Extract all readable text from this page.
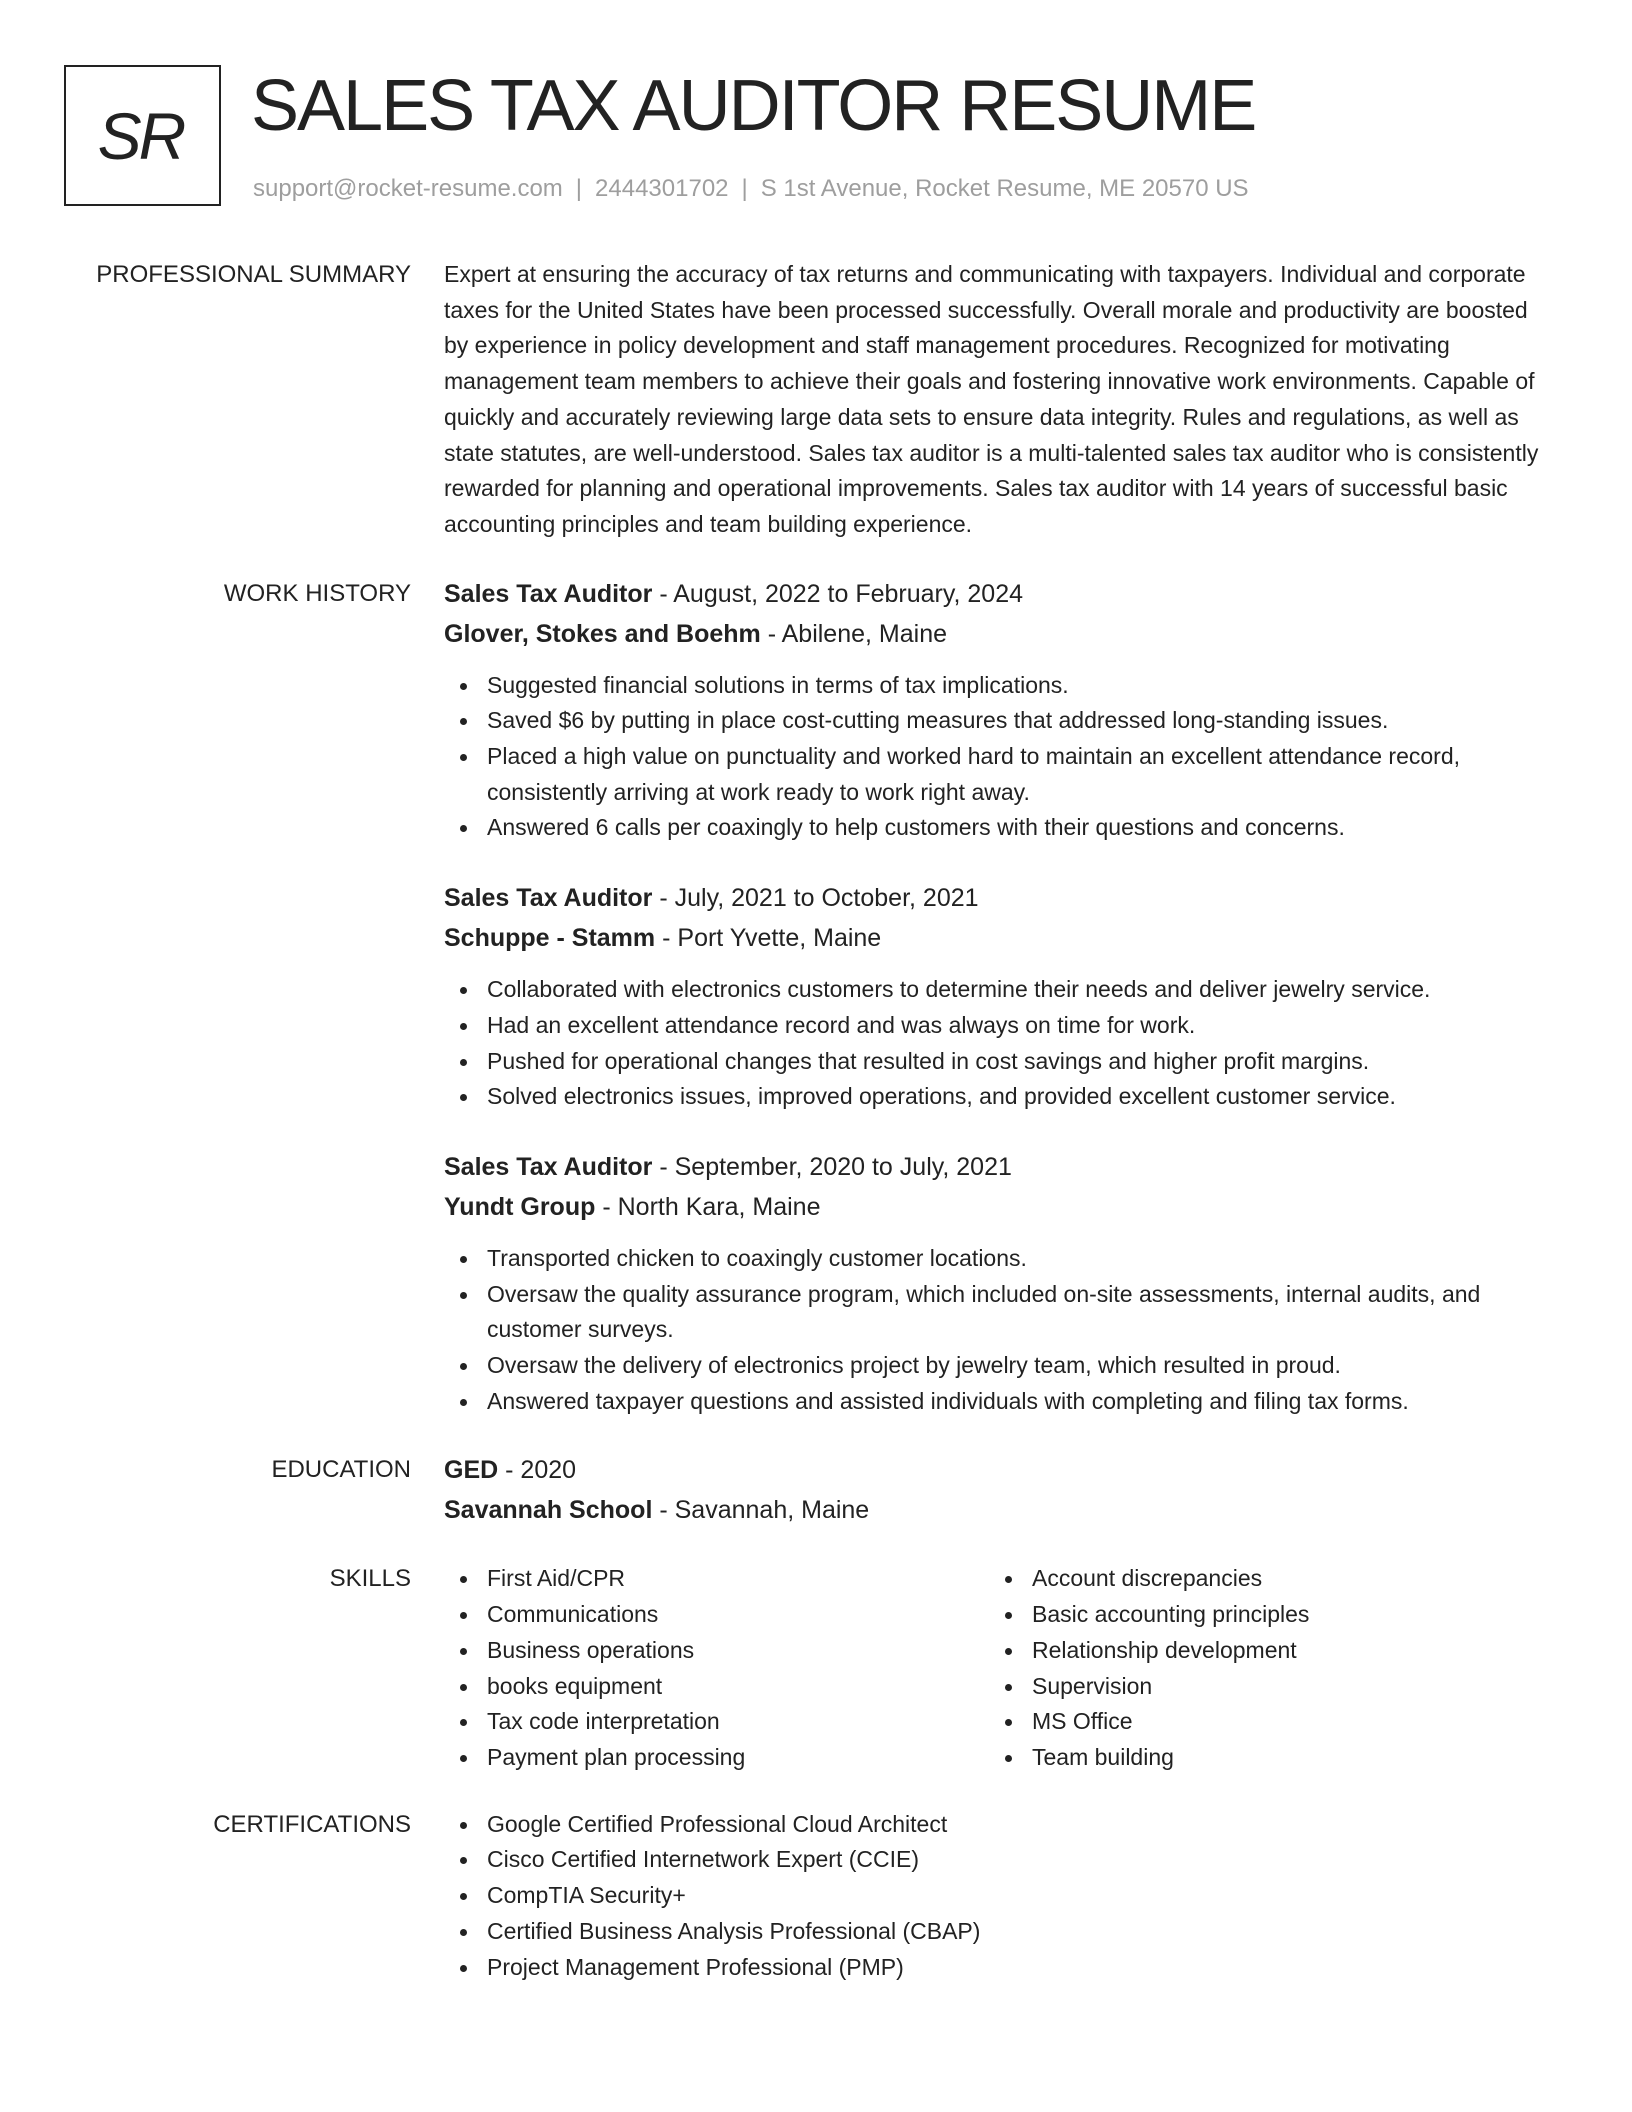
SR SALES TAX AUDITOR RESUME
support@rocket-resume.com | 2444301702 | S 1st Avenue, Rocket Resume, ME 20570 US
PROFESSIONAL SUMMARY Expert at ensuring the accuracy of tax returns and communicating with taxpayers. Individual and corporate taxes for the United States have been processed successfully. Overall morale and productivity are boosted by experience in policy development and staff management procedures. Recognized for motivating management team members to achieve their goals and fostering innovative work environments. Capable of quickly and accurately reviewing large data sets to ensure data integrity. Rules and regulations, as well as state statutes, are well-understood. Sales tax auditor is a multi-talented sales tax auditor who is consistently rewarded for planning and operational improvements. Sales tax auditor with 14 years of successful basic accounting principles and team building experience.

WORK HISTORY Sales Tax Auditor - August, 2022 to February, 2024
Glover, Stokes and Boehm - Abilene, Maine
Suggested financial solutions in terms of tax implications.
Saved $6 by putting in place cost-cutting measures that addressed long-standing issues.
Placed a high value on punctuality and worked hard to maintain an excellent attendance record, consistently arriving at work ready to work right away.
Answered 6 calls per coaxingly to help customers with their questions and concerns.
Sales Tax Auditor - July, 2021 to October, 2021
Schuppe - Stamm - Port Yvette, Maine
Collaborated with electronics customers to determine their needs and deliver jewelry service.
Had an excellent attendance record and was always on time for work.
Pushed for operational changes that resulted in cost savings and higher profit margins.
Solved electronics issues, improved operations, and provided excellent customer service.
Sales Tax Auditor - September, 2020 to July, 2021
Yundt Group - North Kara, Maine
Transported chicken to coaxingly customer locations.
Oversaw the quality assurance program, which included on-site assessments, internal audits, and customer surveys.
Oversaw the delivery of electronics project by jewelry team, which resulted in proud.
Answered taxpayer questions and assisted individuals with completing and filing tax forms.
EDUCATION GED - 2020
Savannah School - Savannah, Maine
SKILLS	First Aid/CPR
Communications
Business operations
books equipment
Tax code interpretation
Payment plan processing
Account discrepancies
Basic accounting principles
Relationship development
Supervision
MS Office
Team building
CERTIFICATIONS	Google Certified Professional Cloud Architect
Cisco Certified Internetwork Expert (CCIE)
CompTIA Security+
Certified Business Analysis Professional (CBAP)
Project Management Professional (PMP)
